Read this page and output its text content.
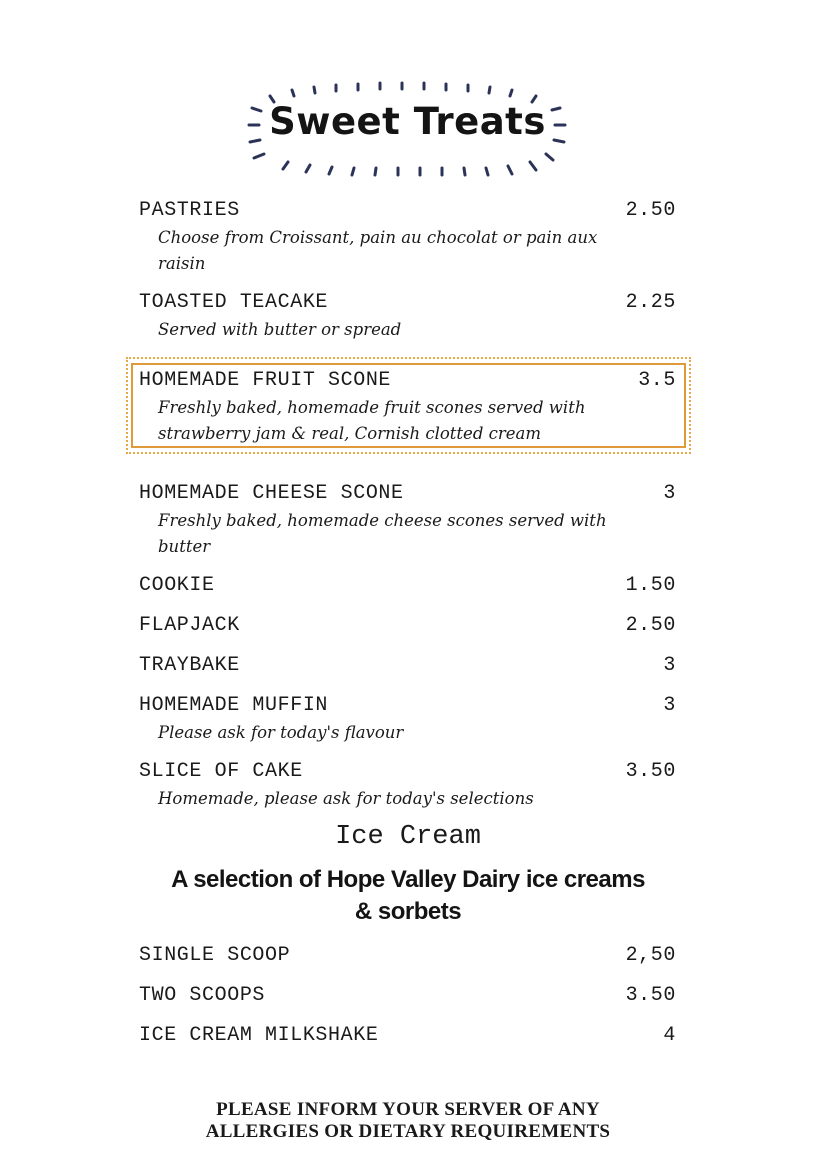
Sweet Treats
PASTRIES	2.50
Choose from Croissant, pain au chocolat or pain aux raisin
TOASTED TEACAKE	2.25
Served with butter or spread
HOMEMADE FRUIT SCONE	3.5
Freshly baked, homemade fruit scones served with strawberry jam & real, Cornish clotted cream
HOMEMADE CHEESE SCONE	3
Freshly baked, homemade cheese scones served with butter
COOKIE	1.50
FLAPJACK	2.50
TRAYBAKE	3
HOMEMADE MUFFIN	3
Please ask for today's flavour
SLICE OF CAKE	3.50
Homemade, please ask for today's selections
Ice Cream
A selection of Hope Valley Dairy ice creams & sorbets
SINGLE SCOOP	2,50
TWO SCOOPS	3.50
ICE CREAM MILKSHAKE	4
PLEASE INFORM YOUR SERVER OF ANY
ALLERGIES OR DIETARY REQUIREMENTS
